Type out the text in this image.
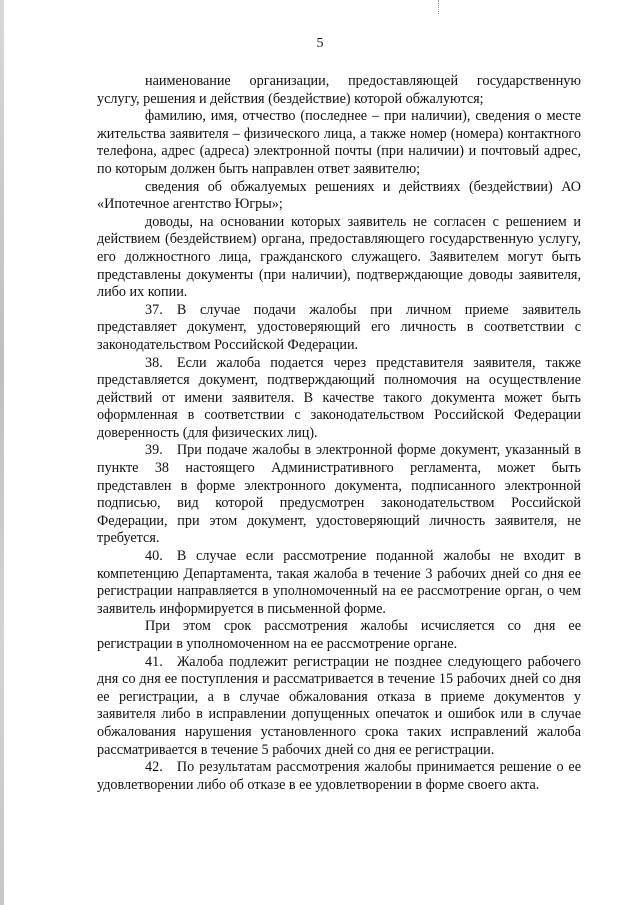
5

наименование организации, предоставляющей государственную услугу, решения и действия (бездействие) которой обжалуются;

фамилию, имя, отчество (последнее – при наличии), сведения о месте жительства заявителя – физического лица, а также номер (номера) контактного телефона, адрес (адреса) электронной почты (при наличии) и почтовый адрес, по которым должен быть направлен ответ заявителю;

сведения об обжалуемых решениях и действиях (бездействии) АО «Ипотечное агентство Югры»;

доводы, на основании которых заявитель не согласен с решением и действием (бездействием) органа, предоставляющего государственную услугу, его должностного лица, гражданского служащего. Заявителем могут быть представлены документы (при наличии), подтверждающие доводы заявителя, либо их копии.

37. В случае подачи жалобы при личном приеме заявитель представляет документ, удостоверяющий его личность в соответствии с законодательством Российской Федерации.

38. Если жалоба подается через представителя заявителя, также представляется документ, подтверждающий полномочия на осуществление действий от имени заявителя. В качестве такого документа может быть оформленная в соответствии с законодательством Российской Федерации доверенность (для физических лиц).

39. При подаче жалобы в электронной форме документ, указанный в пункте 38 настоящего Административного регламента, может быть представлен в форме электронного документа, подписанного электронной подписью, вид которой предусмотрен законодательством Российской Федерации, при этом документ, удостоверяющий личность заявителя, не требуется.

40. В случае если рассмотрение поданной жалобы не входит в компетенцию Департамента, такая жалоба в течение 3 рабочих дней со дня ее регистрации направляется в уполномоченный на ее рассмотрение орган, о чем заявитель информируется в письменной форме.

При этом срок рассмотрения жалобы исчисляется со дня ее регистрации в уполномоченном на ее рассмотрение органе.

41. Жалоба подлежит регистрации не позднее следующего рабочего дня со дня ее поступления и рассматривается в течение 15 рабочих дней со дня ее регистрации, а в случае обжалования отказа в приеме документов у заявителя либо в исправлении допущенных опечаток и ошибок или в случае обжалования нарушения установленного срока таких исправлений жалоба рассматривается в течение 5 рабочих дней со дня ее регистрации.

42. По результатам рассмотрения жалобы принимается решение о ее удовлетворении либо об отказе в ее удовлетворении в форме своего акта.
